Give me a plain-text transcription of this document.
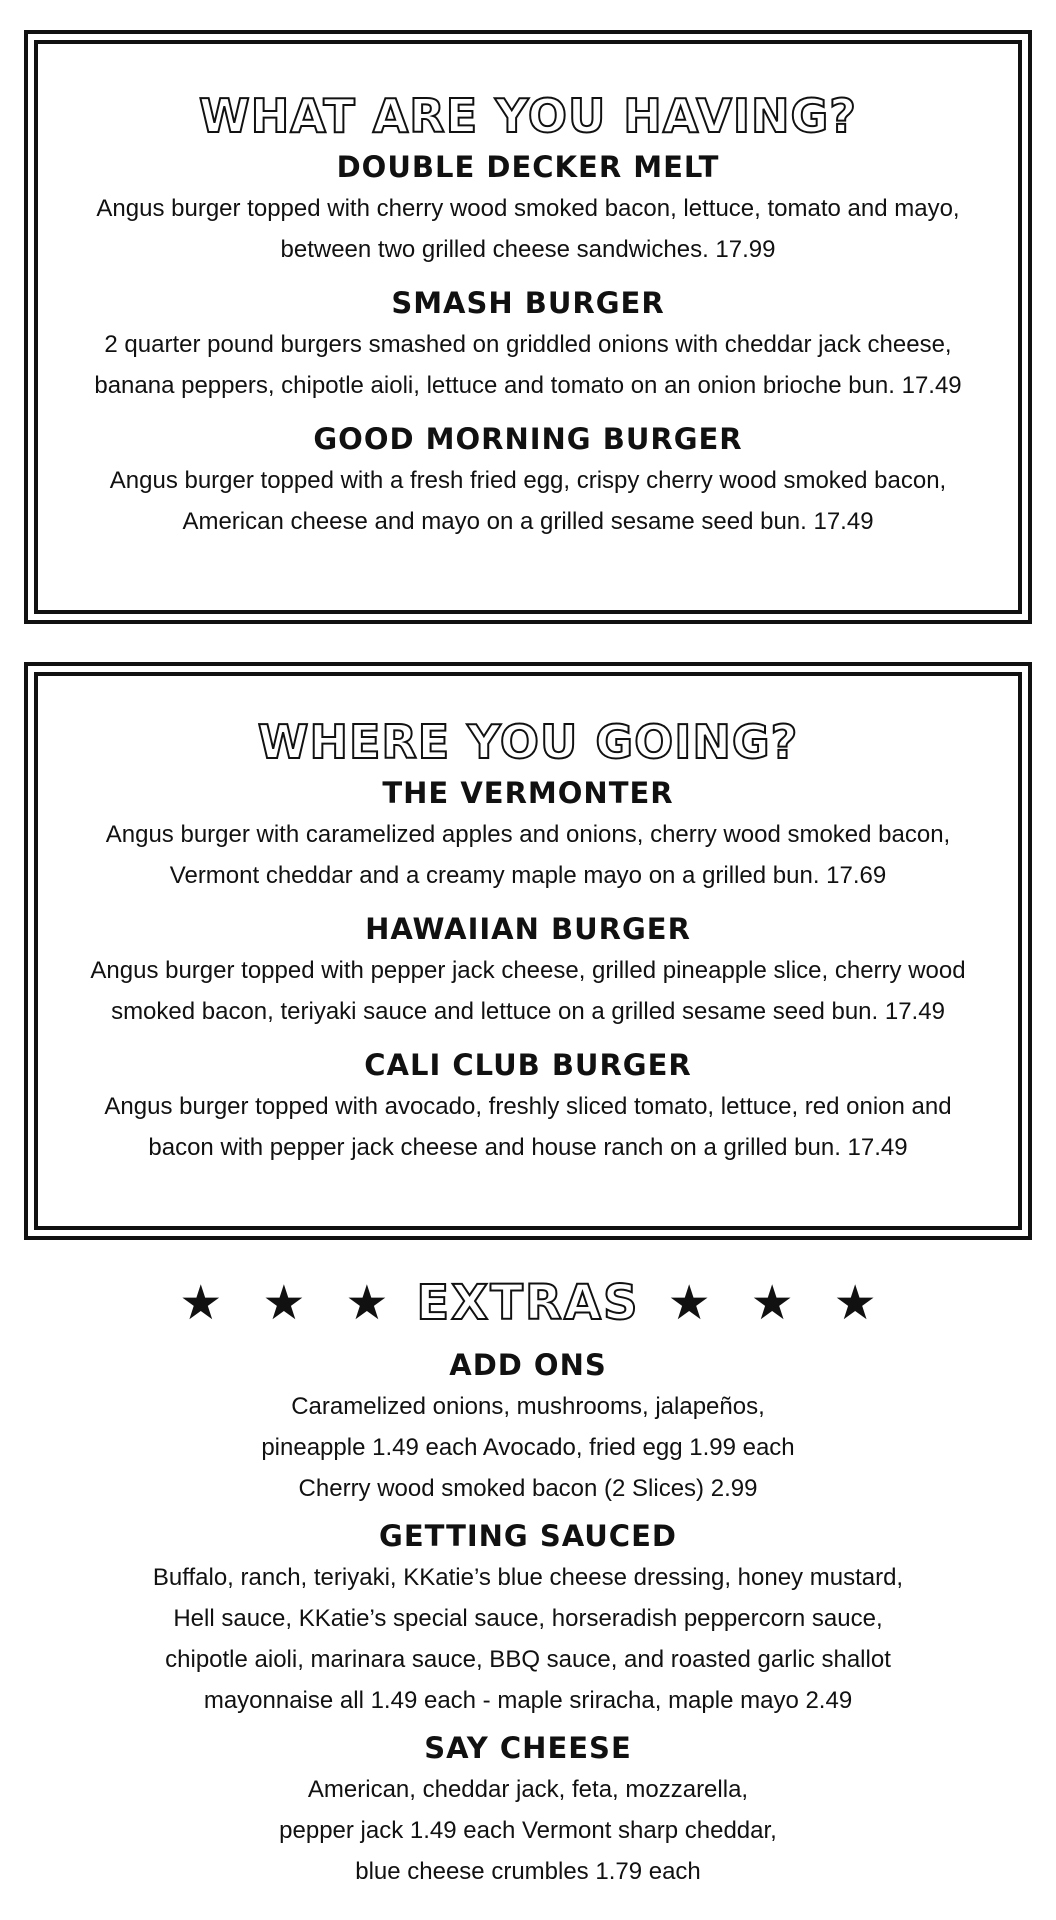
WHAT ARE YOU HAVING?
DOUBLE DECKER MELT

Angus burger topped with cherry wood smoked bacon, lettuce, tomato and mayo,
between two grilled cheese sandwiches. 17.99

SMASH BURGER

2 quarter pound burgers smashed on griddled onions with cheddar jack cheese,
banana peppers, chipotle aioli, lettuce and tomato on an onion brioche bun. 17.49

GOOD MORNING BURGER

Angus burger topped with a fresh fried egg, crispy cherry wood smoked bacon,
American cheese and mayo on a grilled sesame seed bun. 17.49

WHERE YOU GOING?
THE VERMONTER

Angus burger with caramelized apples and onions, cherry wood smoked bacon,
Vermont cheddar and a creamy maple mayo on a grilled bun. 17.69

HAWAIIAN BURGER

Angus burger topped with pepper jack cheese, grilled pineapple slice, cherry wood
smoked bacon, teriyaki sauce and lettuce on a grilled sesame seed bun. 17.49

CALI CLUB BURGER

Angus burger topped with avocado, freshly sliced tomato, lettuce, red onion and
bacon with pepper jack cheese and house ranch on a grilled bun. 17.49

★ ★ ★ EXTRAS ★ ★ ★
ADD ONS

Caramelized onions, mushrooms, jalapeños,
pineapple 1.49 each Avocado, fried egg 1.99 each
Cherry wood smoked bacon (2 Slices) 2.99

GETTING SAUCED

Buffalo, ranch, teriyaki, KKatie’s blue cheese dressing, honey mustard,
Hell sauce, KKatie’s special sauce, horseradish peppercorn sauce,
chipotle aioli, marinara sauce, BBQ sauce, and roasted garlic shallot
mayonnaise all 1.49 each - maple sriracha, maple mayo 2.49

SAY CHEESE

American, cheddar jack, feta, mozzarella,
pepper jack 1.49 each Vermont sharp cheddar,
blue cheese crumbles 1.79 each
